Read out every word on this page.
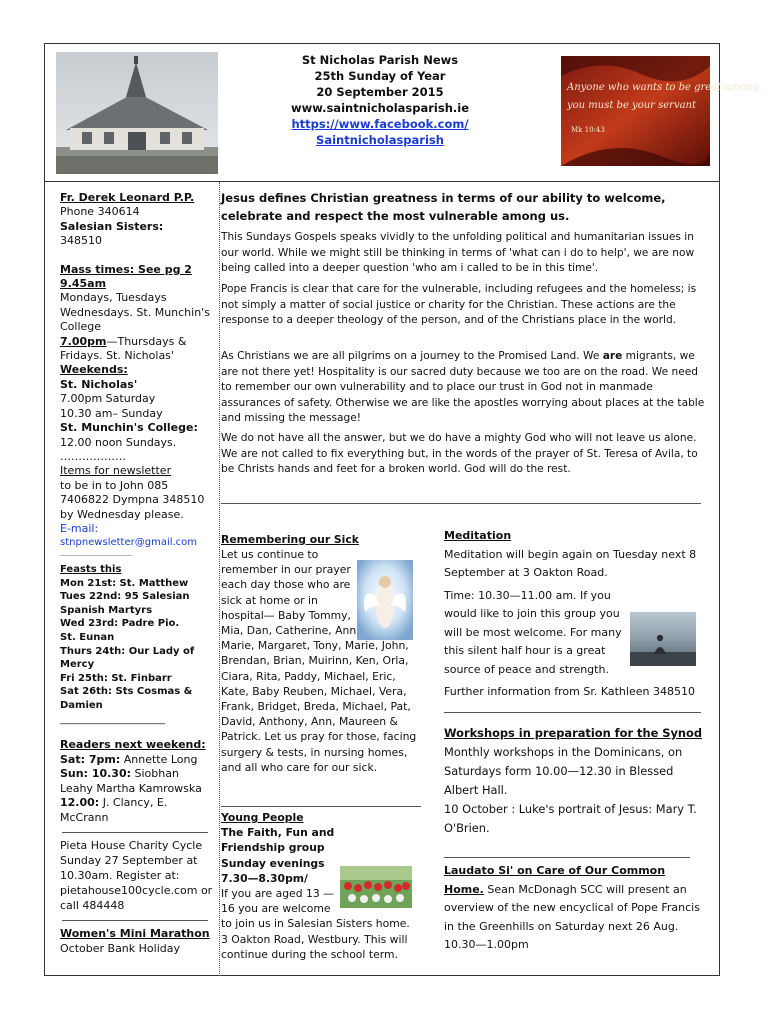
St Nicholas Parish News
25th Sunday of Year
20 September 2015
www.saintnicholasparish.ie
https://www.facebook.com/
Saintnicholasparish
Anyone who wants to be great among
you must be your servant
Mk 10:43
Fr. Derek Leonard P.P.
Phone 340614
Salesian Sisters:
348510
Mass times: See pg 2
9.45am
Mondays, Tuesdays Wednesdays. St. Munchin's College
7.00pm—Thursdays & Fridays. St. Nicholas'
Weekends:
St. Nicholas'
7.00pm Saturday
10.30 am– Sunday
St. Munchin's College:
12.00 noon Sundays.
………………
Items for newsletter
to be in to John 085 7406822 Dympna 348510 by Wednesday please.
E-mail:
stnpnewsletter@gmail.com
————————————
Feasts this
Mon 21st: St. Matthew
Tues 22nd: 95 Salesian Spanish Martyrs
Wed 23rd: Padre Pio.
St. Eunan
Thurs 24th: Our Lady of Mercy
Fri 25th: St. Finbarr
Sat 26th: Sts Cosmas & Damien
_____________________
Readers next weekend:
Sat: 7pm: Annette Long
Sun: 10.30: Siobhan Leahy Martha Kamrowska
12.00: J. Clancy, E. McCrann
Pieta House Charity Cycle Sunday 27 September at 10.30am. Register at: pietahouse100cycle.com or call 484448
Women's Mini Marathon
October Bank Holiday
Jesus defines Christian greatness in terms of our ability to welcome, celebrate and respect the most vulnerable among us.
This Sundays Gospels speaks vividly to the unfolding political and humanitarian issues in our world. While we might still be thinking in terms of 'what can i do to help', we are now being called into a deeper question 'who am i called to be in this time'.
Pope Francis is clear that care for the vulnerable, including refugees and the homeless; is not simply a matter of social justice or charity for the Christian. These actions are the response to a deeper theology of the person, and of the Christians place in the world.
As Christians we are all pilgrims on a journey to the Promised Land. We are migrants, we are not there yet! Hospitality is our sacred duty because we too are on the road. We need to remember our own vulnerability and to place our trust in God not in manmade assurances of safety. Otherwise we are like the apostles worrying about places at the table and missing the message!
We do not have all the answer, but we do have a mighty God who will not leave us alone. We are not called to fix everything but, in the words of the prayer of St. Teresa of Avila, to be Christs hands and feet for a broken world. God will do the rest.
Remembering our Sick
Let us continue to remember in our prayer each day those who are sick at home or in hospital— Baby Tommy, Mia, Dan, Catherine, Ann Marie, Margaret, Tony, Marie, John, Brendan, Brian, Muirinn, Ken, Orla, Ciara, Rita, Paddy, Michael, Eric, Kate, Baby Reuben, Michael, Vera, Frank, Bridget, Breda, Michael, Pat, David, Anthony, Ann, Maureen & Patrick. Let us pray for those, facing surgery & tests, in nursing homes, and all who care for our sick.
Young People
The Faith, Fun and Friendship group Sunday evenings 7.30—8.30pm/
If you are aged 13 —16 you are welcome to join us in Salesian Sisters home. 3 Oakton Road, Westbury. This will continue during the school term.
Meditation
Meditation will begin again on Tuesday next 8 September at 3 Oakton Road.
Time: 10.30—11.00 am. If you would like to join this group you will be most welcome. For many this silent half hour is a great source of peace and strength.
Further information from Sr. Kathleen 348510
Workshops in preparation for the Synod
Monthly workshops in the Dominicans, on Saturdays form 10.00—12.30 in Blessed Albert Hall.
10 October : Luke's portrait of Jesus: Mary T. O'Brien.
Laudato Si' on Care of Our Common
Home. Sean McDonagh SCC will present an overview of the new encyclical of Pope Francis in the Greenhills on Saturday next 26 Aug. 10.30—1.00pm
